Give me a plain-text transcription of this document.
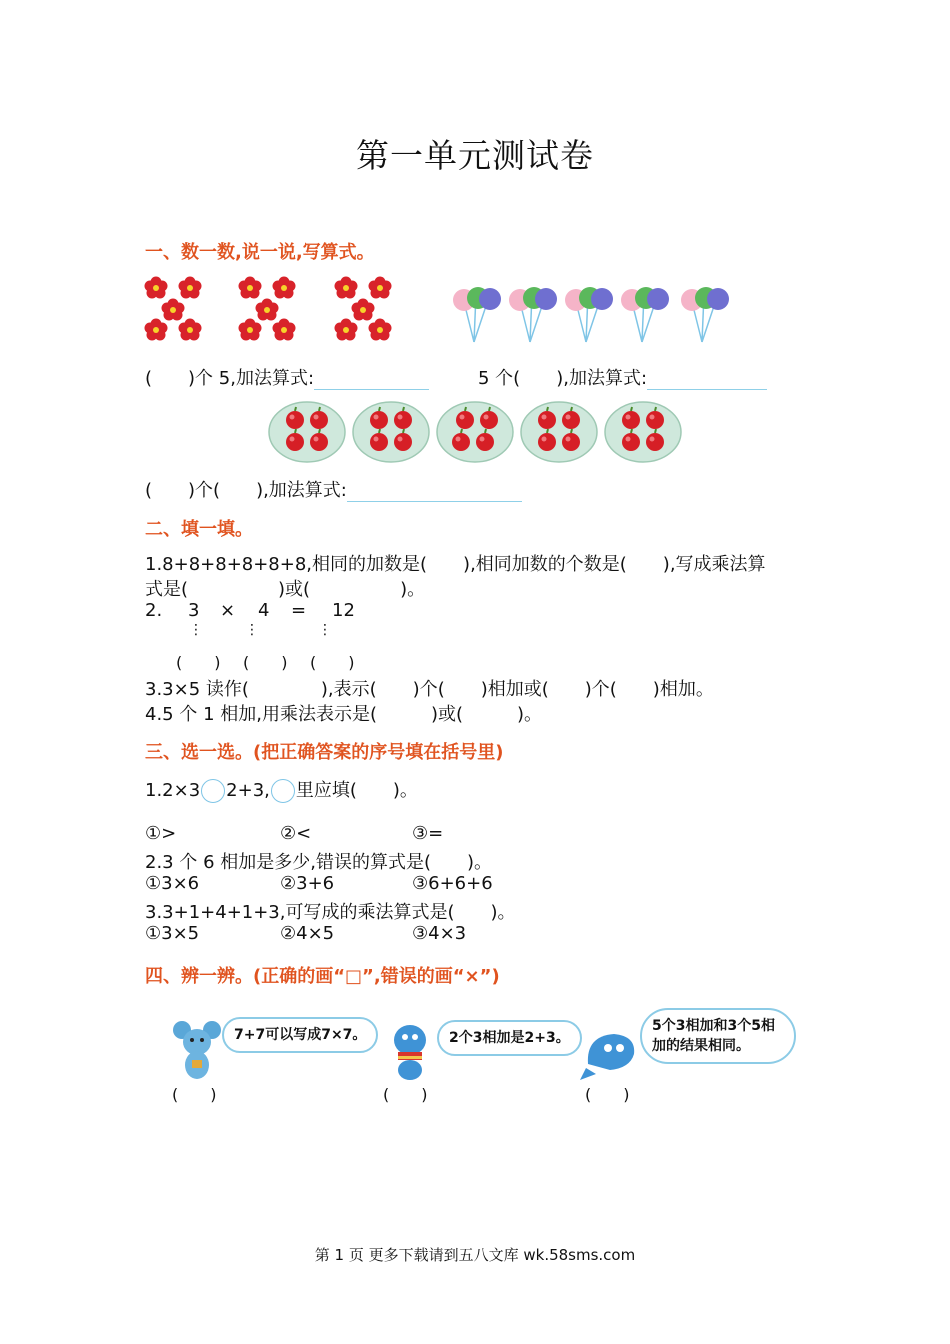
第一单元测试卷
一、数一数,说一说,写算式。
(　　)个 5,加法算式:	5 个(　　),加法算式:
(　　)个(　　),加法算式:
二、填一填。
1.8+8+8+8+8+8,相同的加数是(　　),相同加数的个数是(　　),写成乘法算
式是(　　　　　)或(　　　　　)。
2. 3 × 4 = 12
⋮	⋮	⋮
(　　) (　　) (　　)
3.3×5 读作(　　　　),表示(　　)个(　　)相加或(　　)个(　　)相加。
4.5 个 1 相加,用乘法表示是(　　　)或(　　　)。
三、选一选。(把正确答案的序号填在括号里)
1.2×3 2+3, 里应填(　　)。
①>	②<	③=
2.3 个 6 相加是多少,错误的算式是(　　)。
①3×6	②3+6	③6+6+6
3.3+1+4+1+3,可写成的乘法算式是(　　)。
①3×5	②4×5	③4×3
四、辨一辨。(正确的画“□”,错误的画“×”)
7+7可以写成7×7。	2个3相加是2+3。
5个3相加和3个5相加的结果相同。
(　　)	(　　)	(　　)
第 1 页 更多下载请到五八文库 wk.58sms.com
